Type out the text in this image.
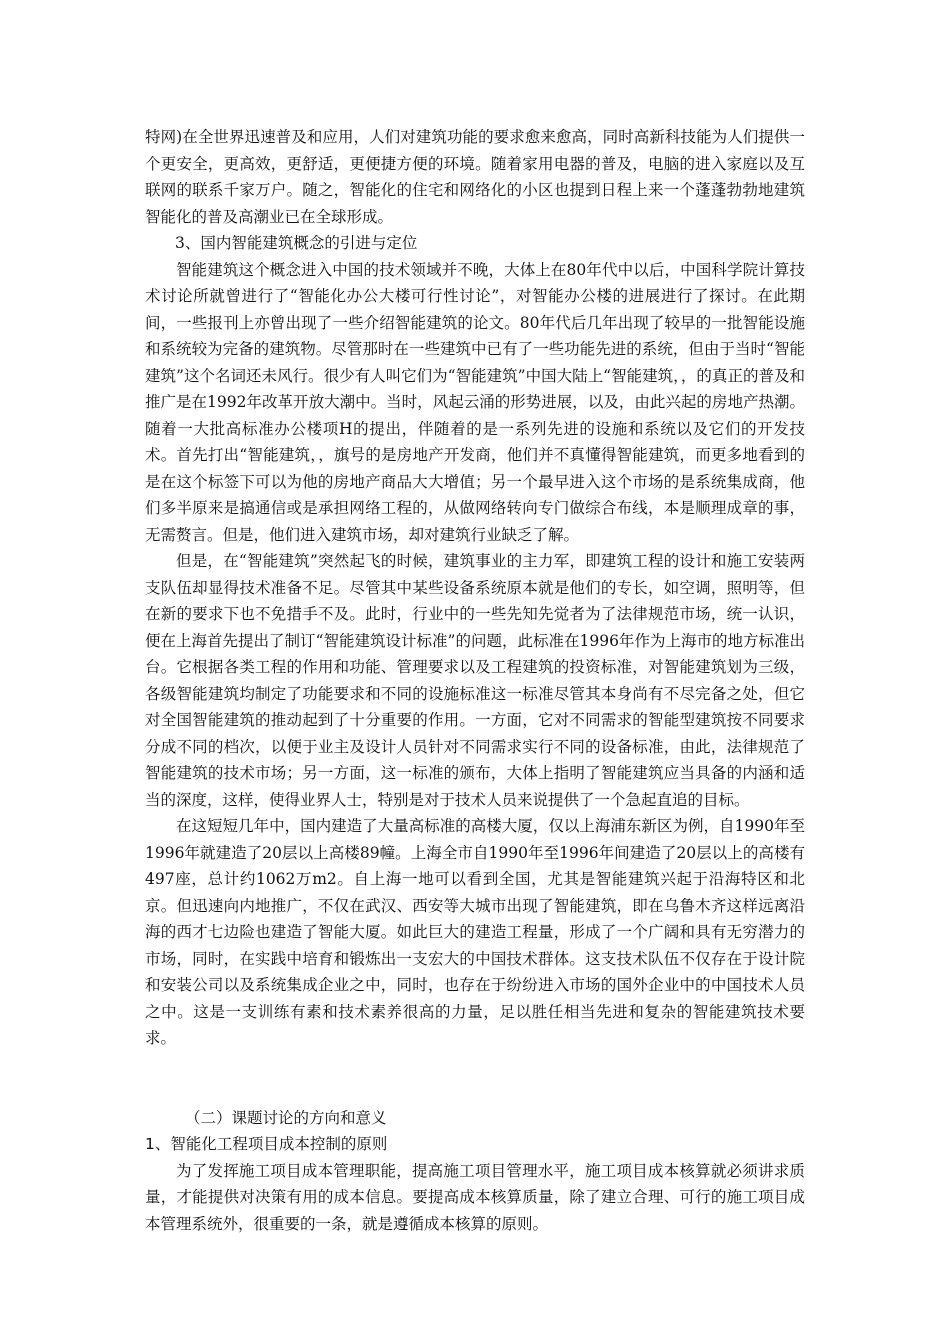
特网)在全世界迅速普及和应用，人们对建筑功能的要求愈来愈高，同时高新科技能为人们提供一个更安全，更高效，更舒适，更便捷方便的环境。随着家用电器的普及，电脑的进入家庭以及互联网的联系千家万户。随之，智能化的住宅和网络化的小区也提到日程上来一个蓬蓬勃勃地建筑智能化的普及高潮业已在全球形成。

3、国内智能建筑概念的引进与定位

智能建筑这个概念进入中国的技术领域并不晚，大体上在80年代中以后，中国科学院计算技术讨论所就曾进行了“智能化办公大楼可行性讨论”，对智能办公楼的进展进行了探讨。在此期间，一些报刊上亦曾出现了一些介绍智能建筑的论文。80年代后几年出现了较早的一批智能设施和系统较为完备的建筑物。尽管那时在一些建筑中已有了一些功能先进的系统，但由于当时“智能建筑”这个名词还未风行。很少有人叫它们为“智能建筑”中国大陆上“智能建筑，，的真正的普及和推广是在1992年改革开放大潮中。当时，风起云涌的形势进展，以及，由此兴起的房地产热潮。随着一大批高标准办公楼项H的提出，伴随着的是一系列先进的设施和系统以及它们的开发技术。首先打出“智能建筑，，旗号的是房地产开发商，他们并不真懂得智能建筑，而更多地看到的是在这个标签下可以为他的房地产商品大大增值；另一个最早进入这个市场的是系统集成商，他们多半原来是搞通信或是承担网络工程的，从做网络转向专门做综合布线，本是顺理成章的事，无需赘言。但是，他们进入建筑市场，却对建筑行业缺乏了解。

但是，在“智能建筑”突然起飞的时候，建筑事业的主力军，即建筑工程的设计和施工安装两支队伍却显得技术准备不足。尽管其中某些设备系统原本就是他们的专长，如空调，照明等，但在新的要求下也不免措手不及。此时，行业中的一些先知先觉者为了法律规范市场，统一认识，便在上海首先提出了制订“智能建筑设计标准”的问题，此标准在1996年作为上海市的地方标准出台。它根据各类工程的作用和功能、管理要求以及工程建筑的投资标准，对智能建筑划为三级，各级智能建筑均制定了功能要求和不同的设施标准这一标准尽管其本身尚有不尽完备之处，但它对全国智能建筑的推动起到了十分重要的作用。一方面，它对不同需求的智能型建筑按不同要求分成不同的档次，以便于业主及设计人员针对不同需求实行不同的设备标准，由此，法律规范了智能建筑的技术市场；另一方面，这一标准的颁布，大体上指明了智能建筑应当具备的内涵和适当的深度，这样，使得业界人士，特别是对于技术人员来说提供了一个急起直追的目标。

在这短短几年中，国内建造了大量高标准的高楼大厦，仅以上海浦东新区为例，自1990年至1996年就建造了20层以上高楼89幢。上海全市自1990年至1996年间建造了20层以上的高楼有497座，总计约1062万m2。自上海一地可以看到全国，尤其是智能建筑兴起于沿海特区和北京。但迅速向内地推广，不仅在武汉、西安等大城市出现了智能建筑，即在乌鲁木齐这样远离沿海的西才七边险也建造了智能大厦。如此巨大的建造工程量，形成了一个广阔和具有无穷潜力的市场，同时，在实践中培育和锻炼出一支宏大的中国技术群体。这支技术队伍不仅存在于设计院和安装公司以及系统集成企业之中，同时，也存在于纷纷进入市场的国外企业中的中国技术人员之中。这是一支训练有素和技术素养很高的力量，足以胜任相当先进和复杂的智能建筑技术要求。

（二）课题讨论的方向和意义

1、智能化工程项目成本控制的原则

为了发挥施工项目成本管理职能，提高施工项目管理水平，施工项目成本核算就必须讲求质量，才能提供对决策有用的成本信息。要提高成本核算质量，除了建立合理、可行的施工项目成本管理系统外，很重要的一条，就是遵循成本核算的原则。
